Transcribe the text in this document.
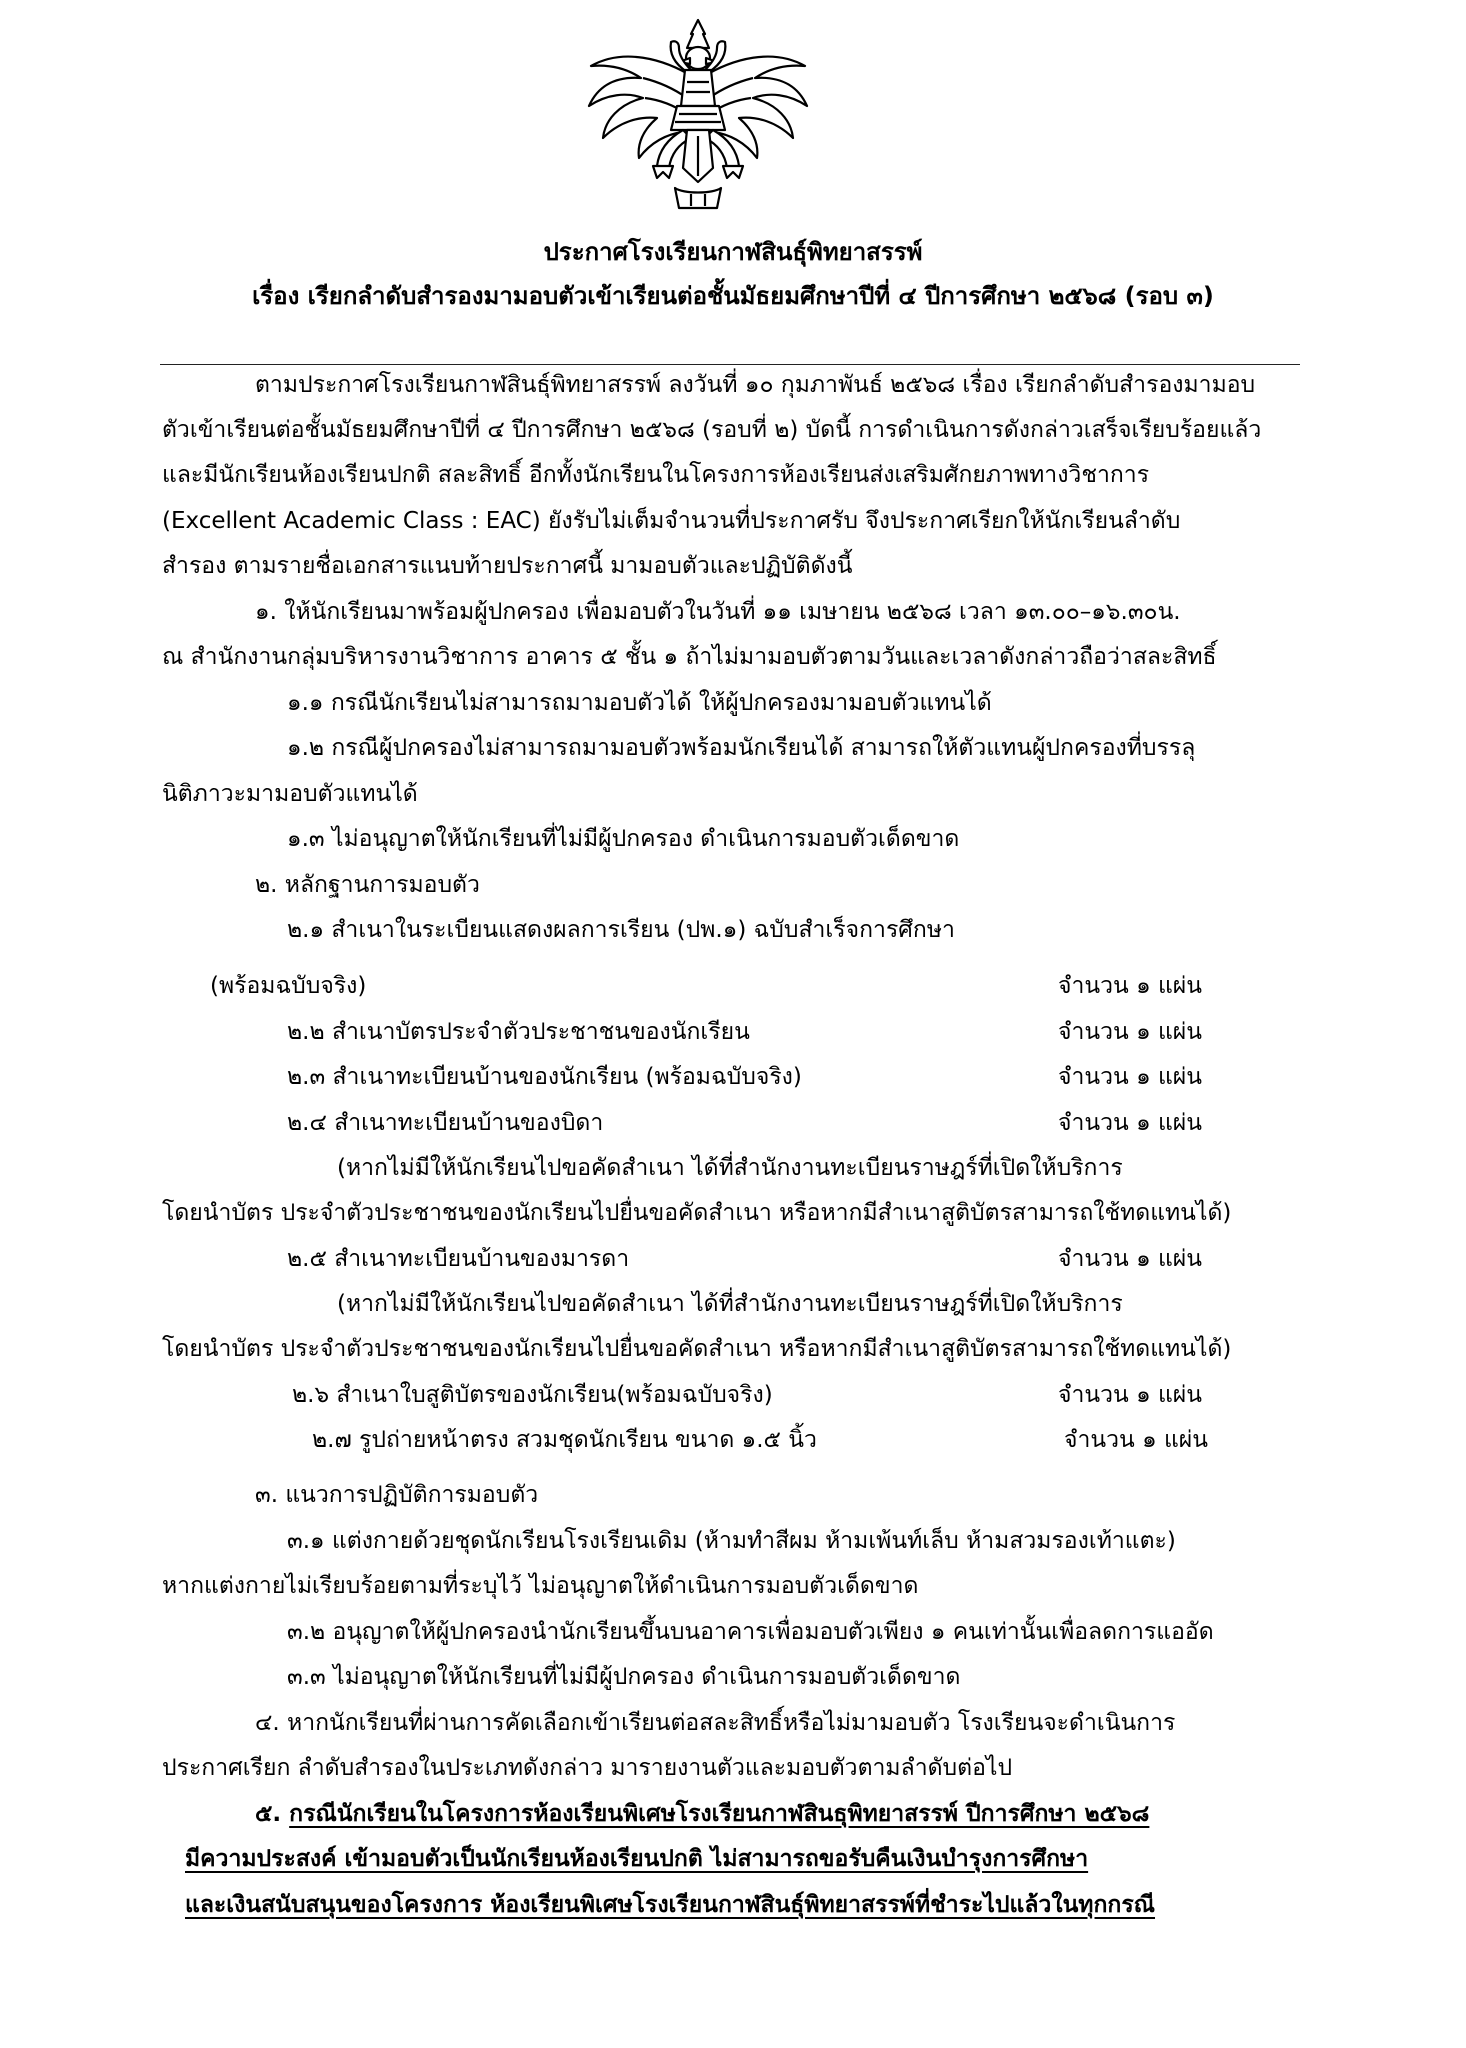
ประกาศโรงเรียนกาฬสินธุ์พิทยาสรรพ์
เรื่อง เรียกลำดับสำรองมามอบตัวเข้าเรียนต่อชั้นมัธยมศึกษาปีที่ ๔ ปีการศึกษา ๒๕๖๘ (รอบ ๓)
ตามประกาศโรงเรียนกาฬสินธุ์พิทยาสรรพ์ ลงวันที่ ๑๐ กุมภาพันธ์ ๒๕๖๘ เรื่อง เรียกลำดับสำรองมามอบ
ตัวเข้าเรียนต่อชั้นมัธยมศึกษาปีที่ ๔ ปีการศึกษา ๒๕๖๘ (รอบที่ ๒) บัดนี้ การดำเนินการดังกล่าวเสร็จเรียบร้อยแล้ว
และมีนักเรียนห้องเรียนปกติ สละสิทธิ์ อีกทั้งนักเรียนในโครงการห้องเรียนส่งเสริมศักยภาพทางวิชาการ
(Excellent Academic Class : EAC) ยังรับไม่เต็มจำนวนที่ประกาศรับ จึงประกาศเรียกให้นักเรียนลำดับ
สำรอง ตามรายชื่อเอกสารแนบท้ายประกาศนี้ มามอบตัวและปฏิบัติดังนี้
๑. ให้นักเรียนมาพร้อมผู้ปกครอง เพื่อมอบตัวในวันที่ ๑๑ เมษายน ๒๕๖๘ เวลา ๑๓.๐๐–๑๖.๓๐น.
ณ สำนักงานกลุ่มบริหารงานวิชาการ อาคาร ๕ ชั้น ๑ ถ้าไม่มามอบตัวตามวันและเวลาดังกล่าวถือว่าสละสิทธิ์
๑.๑ กรณีนักเรียนไม่สามารถมามอบตัวได้ ให้ผู้ปกครองมามอบตัวแทนได้
๑.๒ กรณีผู้ปกครองไม่สามารถมามอบตัวพร้อมนักเรียนได้ สามารถให้ตัวแทนผู้ปกครองที่บรรลุ
นิติภาวะมามอบตัวแทนได้
๑.๓ ไม่อนุญาตให้นักเรียนที่ไม่มีผู้ปกครอง ดำเนินการมอบตัวเด็ดขาด
๒. หลักฐานการมอบตัว
๒.๑ สำเนาในระเบียนแสดงผลการเรียน (ปพ.๑) ฉบับสำเร็จการศึกษา
(พร้อมฉบับจริง)	จำนวน ๑ แผ่น
๒.๒ สำเนาบัตรประจำตัวประชาชนของนักเรียน	จำนวน ๑ แผ่น
๒.๓ สำเนาทะเบียนบ้านของนักเรียน (พร้อมฉบับจริง)	จำนวน ๑ แผ่น
๒.๔ สำเนาทะเบียนบ้านของบิดา	จำนวน ๑ แผ่น
(หากไม่มีให้นักเรียนไปขอคัดสำเนา ได้ที่สำนักงานทะเบียนราษฎร์ที่เปิดให้บริการ
โดยนำบัตร ประจำตัวประชาชนของนักเรียนไปยื่นขอคัดสำเนา หรือหากมีสำเนาสูติบัตรสามารถใช้ทดแทนได้)
๒.๕ สำเนาทะเบียนบ้านของมารดา	จำนวน ๑ แผ่น
(หากไม่มีให้นักเรียนไปขอคัดสำเนา ได้ที่สำนักงานทะเบียนราษฎร์ที่เปิดให้บริการ
โดยนำบัตร ประจำตัวประชาชนของนักเรียนไปยื่นขอคัดสำเนา หรือหากมีสำเนาสูติบัตรสามารถใช้ทดแทนได้)
๒.๖ สำเนาใบสูติบัตรของนักเรียน(พร้อมฉบับจริง)	จำนวน ๑ แผ่น
๒.๗ รูปถ่ายหน้าตรง สวมชุดนักเรียน ขนาด ๑.๕ นิ้ว	จำนวน ๑ แผ่น
๓. แนวการปฏิบัติการมอบตัว
๓.๑ แต่งกายด้วยชุดนักเรียนโรงเรียนเดิม (ห้ามทำสีผม ห้ามเพ้นท์เล็บ ห้ามสวมรองเท้าแตะ)
หากแต่งกายไม่เรียบร้อยตามที่ระบุไว้ ไม่อนุญาตให้ดำเนินการมอบตัวเด็ดขาด
๓.๒ อนุญาตให้ผู้ปกครองนำนักเรียนขึ้นบนอาคารเพื่อมอบตัวเพียง ๑ คนเท่านั้นเพื่อลดการแออัด
๓.๓ ไม่อนุญาตให้นักเรียนที่ไม่มีผู้ปกครอง ดำเนินการมอบตัวเด็ดขาด
๔. หากนักเรียนที่ผ่านการคัดเลือกเข้าเรียนต่อสละสิทธิ์หรือไม่มามอบตัว โรงเรียนจะดำเนินการ
ประกาศเรียก ลำดับสำรองในประเภทดังกล่าว มารายงานตัวและมอบตัวตามลำดับต่อไป
๕. กรณีนักเรียนในโครงการห้องเรียนพิเศษโรงเรียนกาฬสินธุพิทยาสรรพ์ ปีการศึกษา ๒๕๖๘
มีความประสงค์ เข้ามอบตัวเป็นนักเรียนห้องเรียนปกติ ไม่สามารถขอรับคืนเงินบำรุงการศึกษา
และเงินสนับสนุนของโครงการ ห้องเรียนพิเศษโรงเรียนกาฬสินธุ์พิทยาสรรพ์ที่ชำระไปแล้วในทุกกรณี
